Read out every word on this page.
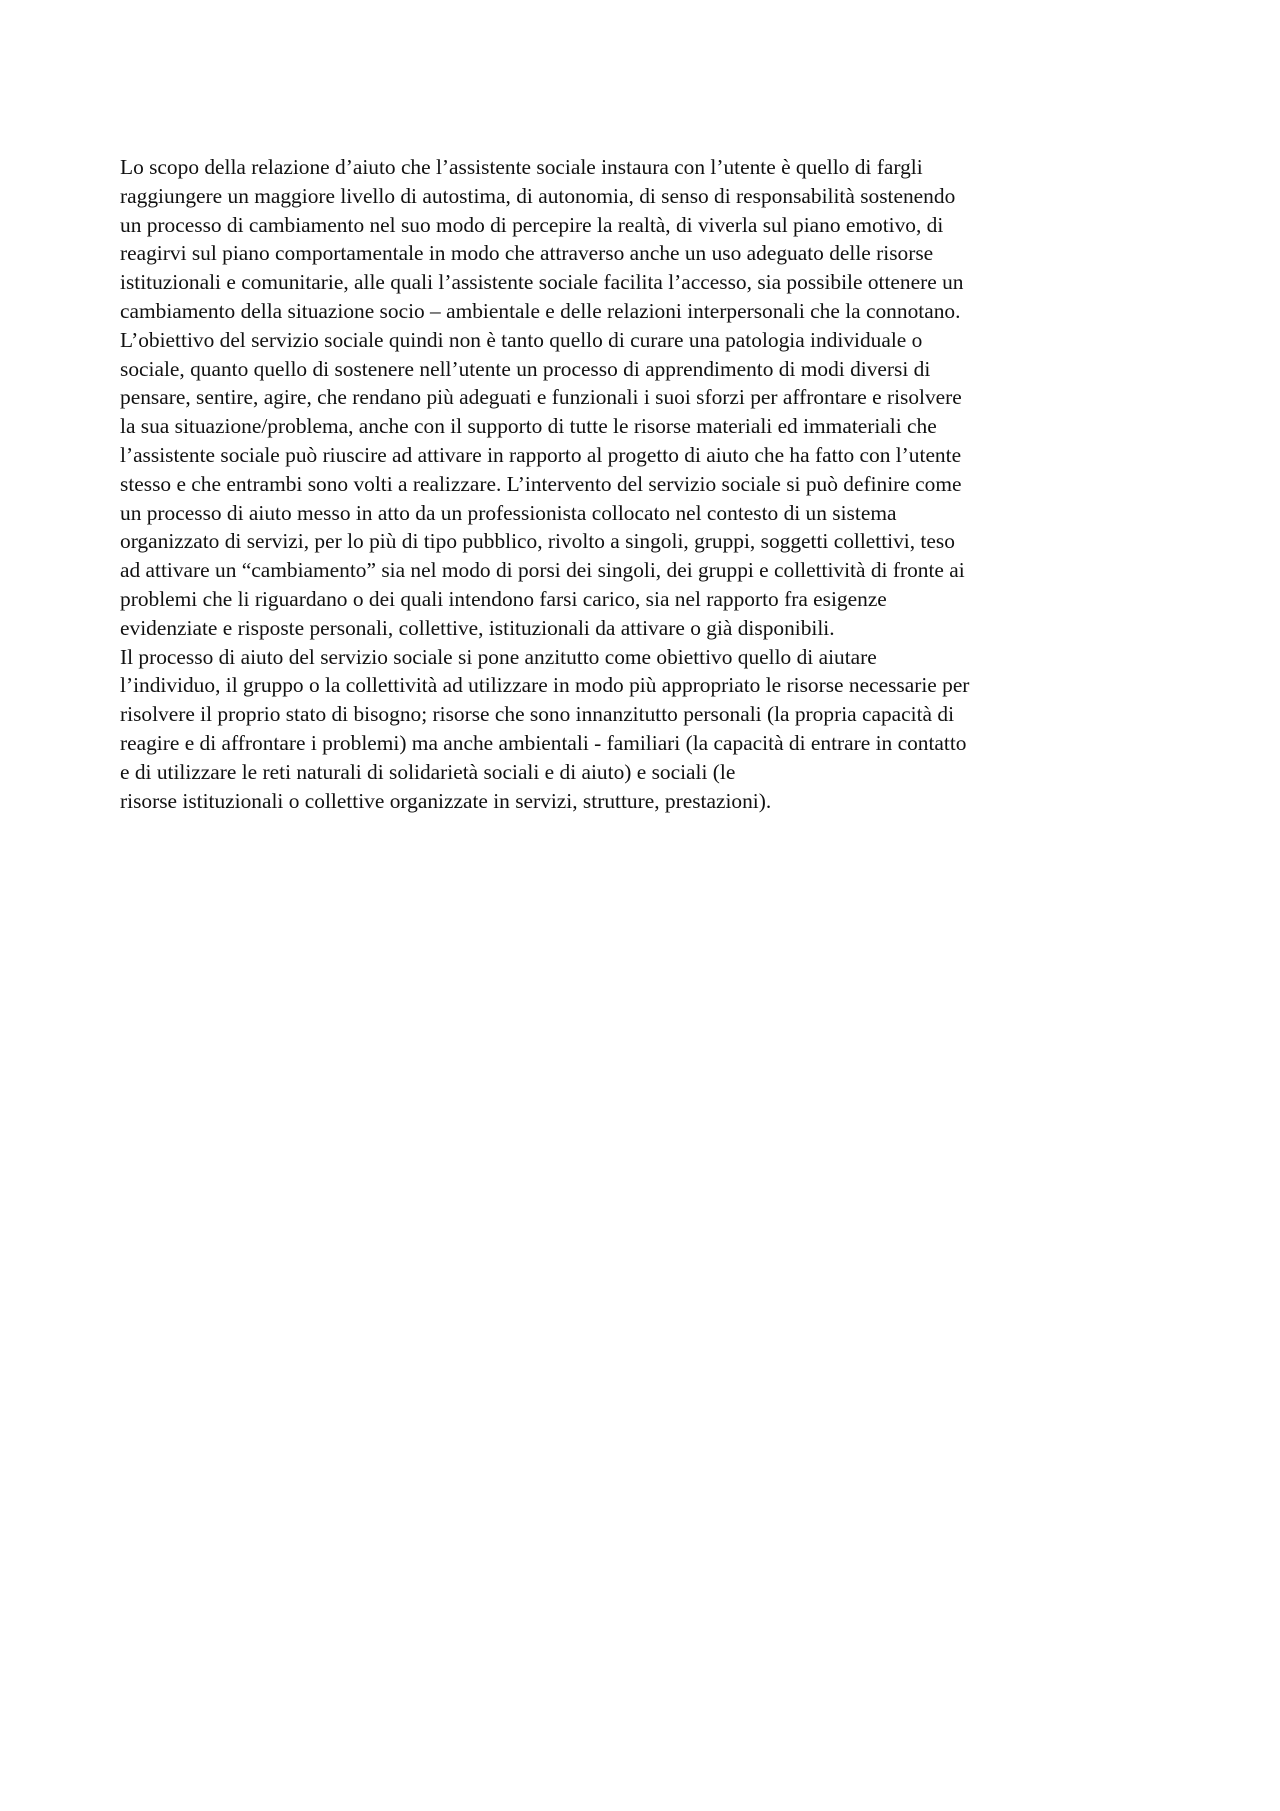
Lo scopo della relazione d’aiuto che l’assistente sociale instaura con l’utente è quello di fargli
raggiungere un maggiore livello di autostima, di autonomia, di senso di responsabilità sostenendo
un processo di cambiamento nel suo modo di percepire la realtà, di viverla sul piano emotivo, di
reagirvi sul piano comportamentale in modo che attraverso anche un uso adeguato delle risorse
istituzionali e comunitarie, alle quali l’assistente sociale facilita l’accesso, sia possibile ottenere un
cambiamento della situazione socio – ambientale e delle relazioni interpersonali che la connotano.
L’obiettivo del servizio sociale quindi non è tanto quello di curare una patologia individuale o
sociale, quanto quello di sostenere nell’utente un processo di apprendimento di modi diversi di
pensare, sentire, agire, che rendano più adeguati e funzionali i suoi sforzi per affrontare e risolvere
la sua situazione/problema, anche con il supporto di tutte le risorse materiali ed immateriali che
l’assistente sociale può riuscire ad attivare in rapporto al progetto di aiuto che ha fatto con l’utente
stesso e che entrambi sono volti a realizzare. L’intervento del servizio sociale si può definire come
un processo di aiuto messo in atto da un professionista collocato nel contesto di un sistema
organizzato di servizi, per lo più di tipo pubblico, rivolto a singoli, gruppi, soggetti collettivi, teso
ad attivare un “cambiamento” sia nel modo di porsi dei singoli, dei gruppi e collettività di fronte ai
problemi che li riguardano o dei quali intendono farsi carico, sia nel rapporto fra esigenze
evidenziate e risposte personali, collettive, istituzionali da attivare o già disponibili.
Il processo di aiuto del servizio sociale si pone anzitutto come obiettivo quello di aiutare
l’individuo, il gruppo o la collettività ad utilizzare in modo più appropriato le risorse necessarie per
risolvere il proprio stato di bisogno; risorse che sono innanzitutto personali (la propria capacità di
reagire e di affrontare i problemi) ma anche ambientali - familiari (la capacità di entrare in contatto
e di utilizzare le reti naturali di solidarietà sociali e di aiuto) e sociali (le
risorse istituzionali o collettive organizzate in servizi, strutture, prestazioni).
